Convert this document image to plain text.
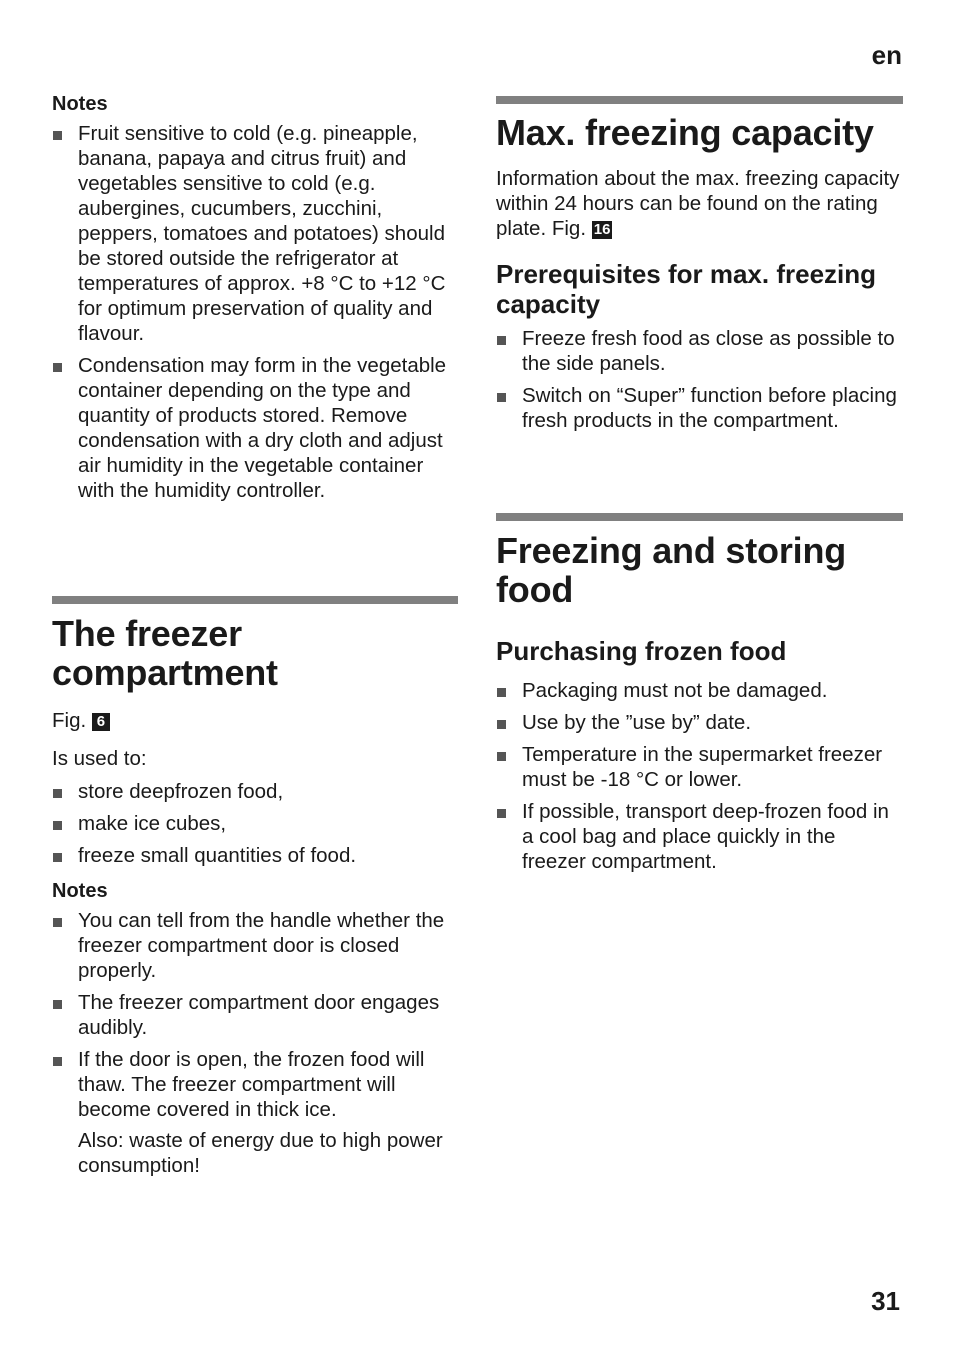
en
Notes
Fruit sensitive to cold (e.g. pineapple, banana, papaya and citrus fruit) and vegetables sensitive to cold (e.g. aubergines, cucumbers, zucchini, peppers, tomatoes and potatoes) should be stored outside the refrigerator at temperatures of approx. +8 °C to +12 °C for optimum preservation of quality and flavour.
Condensation may form in the vegetable container depending on the type and quantity of products stored. Remove condensation with a dry cloth and adjust air humidity in the vegetable container with the humidity controller.
The freezer
compartment

Fig. 6

Is used to:

store deepfrozen food,
make ice cubes,
freeze small quantities of food.
Notes
You can tell from the handle whether the freezer compartment door is closed properly.
The freezer compartment door engages audibly.
If the door is open, the frozen food will thaw. The freezer compartment will become covered in thick ice.

Also: waste of energy due to high power consumption!

Max. freezing capacity

Information about the max. freezing capacity within 24 hours can be found on the rating plate. Fig. 16

Prerequisites for max. freezing capacity
Freeze fresh food as close as possible to the side panels.
Switch on “Super” function before placing fresh products in the compartment.
Freezing and storing
food
Purchasing frozen food
Packaging must not be damaged.
Use by the ”use by” date.
Temperature in the supermarket freezer must be -18 °C or lower.
If possible, transport deep-frozen food in a cool bag and place quickly in the freezer compartment.
31
